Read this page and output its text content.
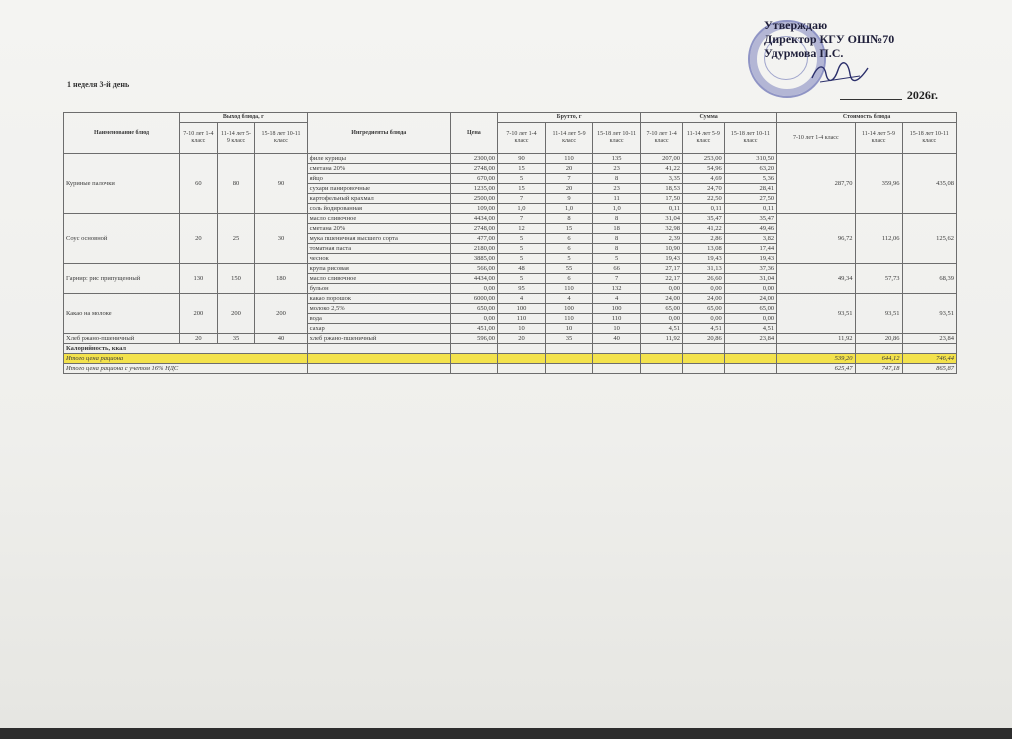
Утверждаю
Директор КГУ ОШ№70
Удурмова П.С.
2026г.
1 неделя 3-й день
Наименование блюд	Выход блюда, г			Ингредиенты блюда	Цена	Брутто, г			Сумма			Стоимость блюда		
	7-10 лет 1-4 класс	11-14 лет 5-9 класс	15-18 лет 10-11 класс			7-10 лет 1-4 класс	11-14 лет 5-9 класс	15-18 лет 10-11 класс	7-10 лет 1-4 класс	11-14 лет 5-9 класс	15-18 лет 10-11 класс	7-10 лет 1-4 класс	11-14 лет 5-9 класс	15-18 лет 10-11 класс
Куриные палочки	60	80	90	филе курицы	2300,00	90	110	135	207,00	253,00	310,50	287,70	359,96	435,08
				сметана 20%	2748,00	15	20	23	41,22	54,96	63,20			
				яйцо	670,00	5	7	8	3,35	4,69	5,36			
				сухари панировочные	1235,00	15	20	23	18,53	24,70	28,41			
				картофельный крахмал	2500,00	7	9	11	17,50	22,50	27,50			
				соль йодированная	109,00	1,0	1,0	1,0	0,11	0,11	0,11			
Соус основной	20	25	30	масло сливочное	4434,00	7	8	8	31,04	35,47	35,47	96,72	112,06	125,62
				сметана 20%	2748,00	12	15	18	32,98	41,22	49,46			
				мука пшеничная высшего сорта	477,00	5	6	8	2,39	2,86	3,82			
				томатная паста	2180,00	5	6	8	10,90	13,08	17,44			
				чеснок	3885,00	5	5	5	19,43	19,43	19,43			
Гарнир: рис припущенный	130	150	180	крупа рисовая	566,00	48	55	66	27,17	31,13	37,36	49,34	57,73	68,39
				масло сливочное	4434,00	5	6	7	22,17	26,60	31,04			
				бульон	0,00	95	110	132	0,00	0,00	0,00			
Какао на молоке	200	200	200	какао порошок	6000,00	4	4	4	24,00	24,00	24,00	93,51	93,51	93,51
				молоко 2,5%	650,00	100	100	100	65,00	65,00	65,00			
				вода	0,00	110	110	110	0,00	0,00	0,00			
				сахар	451,00	10	10	10	4,51	4,51	4,51			
Хлеб ржано-пшеничный	20	35	40	хлеб ржано-пшеничный	596,00	20	35	40	11,92	20,86	23,84	11,92	20,86	23,84
Калорийность, ккал														
Итого цена рациона												539,20	644,12	746,44
Итого цена рациона с учетом 16% НДС												625,47	747,18	865,87
